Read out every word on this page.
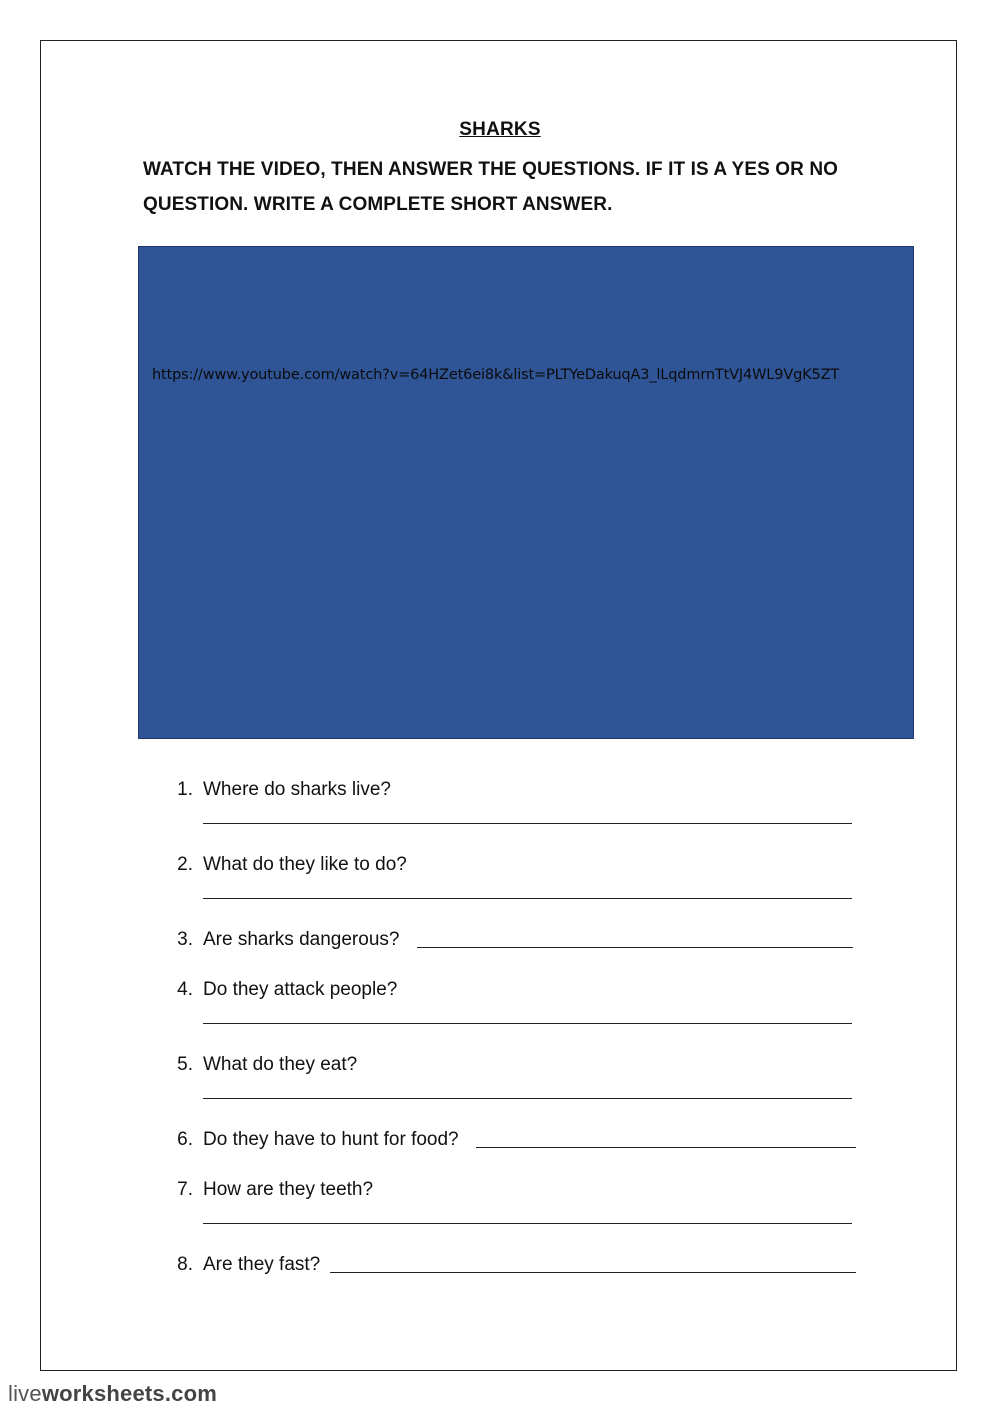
SHARKS
WATCH THE VIDEO, THEN ANSWER THE QUESTIONS. IF IT IS A YES OR NO QUESTION. WRITE A COMPLETE SHORT ANSWER.
https://www.youtube.com/watch?v=64HZet6ei8k&list=PLTYeDakuqA3_lLqdmrnTtVJ4WL9VgK5ZT
1. Where do sharks live?
2. What do they like to do?
3. Are sharks dangerous?
4. Do they attack people?
5. What do they eat?
6. Do they have to hunt for food?
7. How are they teeth?
8. Are they fast?
liveworksheets.com
